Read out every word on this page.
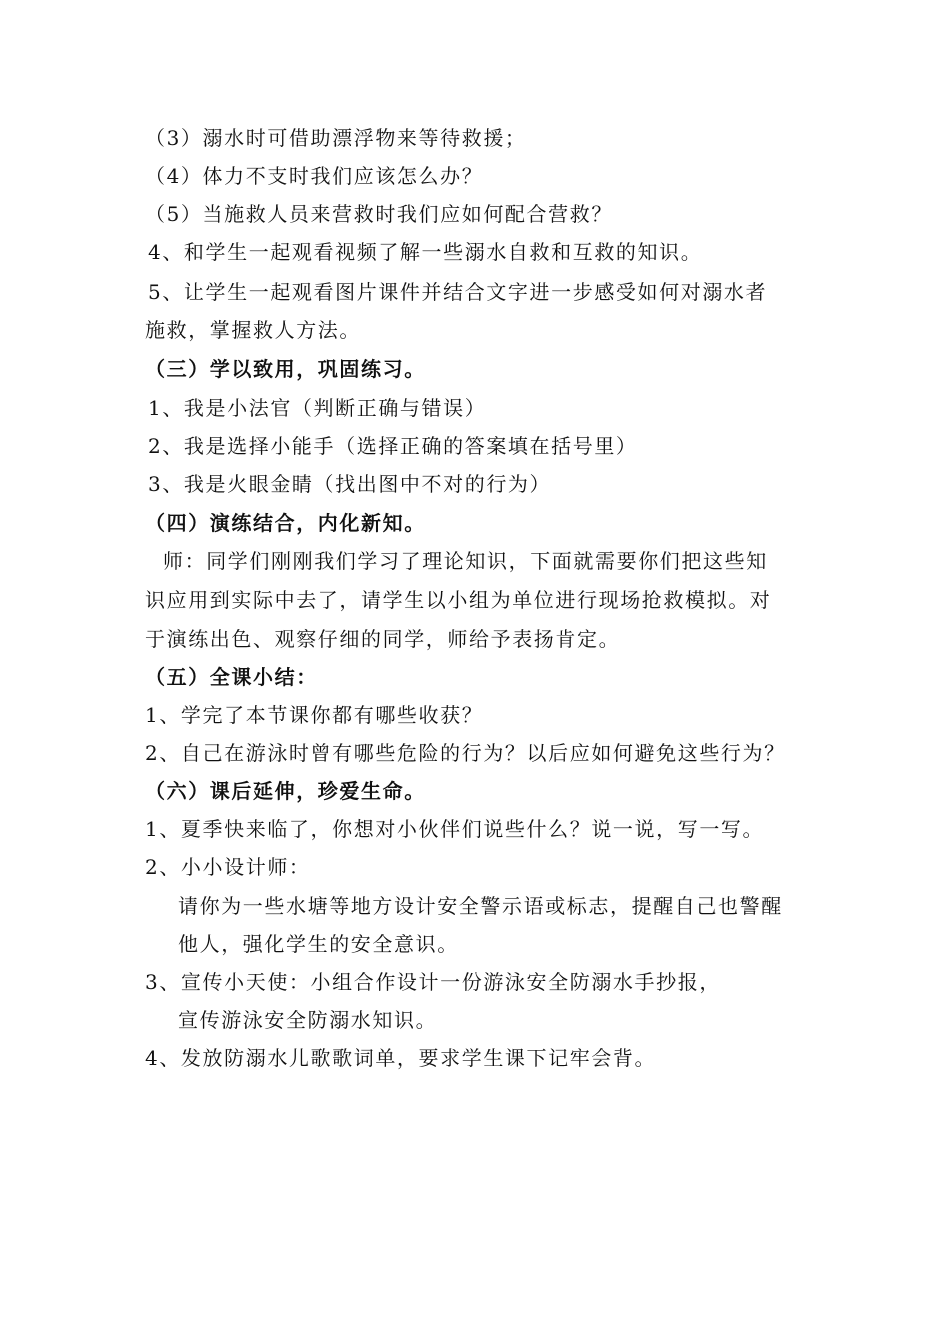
（3）溺水时可借助漂浮物来等待救援；
（4）体力不支时我们应该怎么办？
（5）当施救人员来营救时我们应如何配合营救？
4、和学生一起观看视频了解一些溺水自救和互救的知识。
5、让学生一起观看图片课件并结合文字进一步感受如何对溺水者
施救，掌握救人方法。
（三）学以致用，巩固练习。
1、我是小法官（判断正确与错误）
2、我是选择小能手（选择正确的答案填在括号里）
3、我是火眼金睛（找出图中不对的行为）
（四）演练结合，内化新知。
师：同学们刚刚我们学习了理论知识，下面就需要你们把这些知
识应用到实际中去了，请学生以小组为单位进行现场抢救模拟。对
于演练出色、观察仔细的同学，师给予表扬肯定。
（五）全课小结：
1、学完了本节课你都有哪些收获？
2、自己在游泳时曾有哪些危险的行为？以后应如何避免这些行为？
（六）课后延伸，珍爱生命。
1、夏季快来临了，你想对小伙伴们说些什么？说一说，写一写。
2、小小设计师：
请你为一些水塘等地方设计安全警示语或标志，提醒自己也警醒
他人，强化学生的安全意识。
3、宣传小天使：小组合作设计一份游泳安全防溺水手抄报，
宣传游泳安全防溺水知识。
4、发放防溺水儿歌歌词单，要求学生课下记牢会背。
